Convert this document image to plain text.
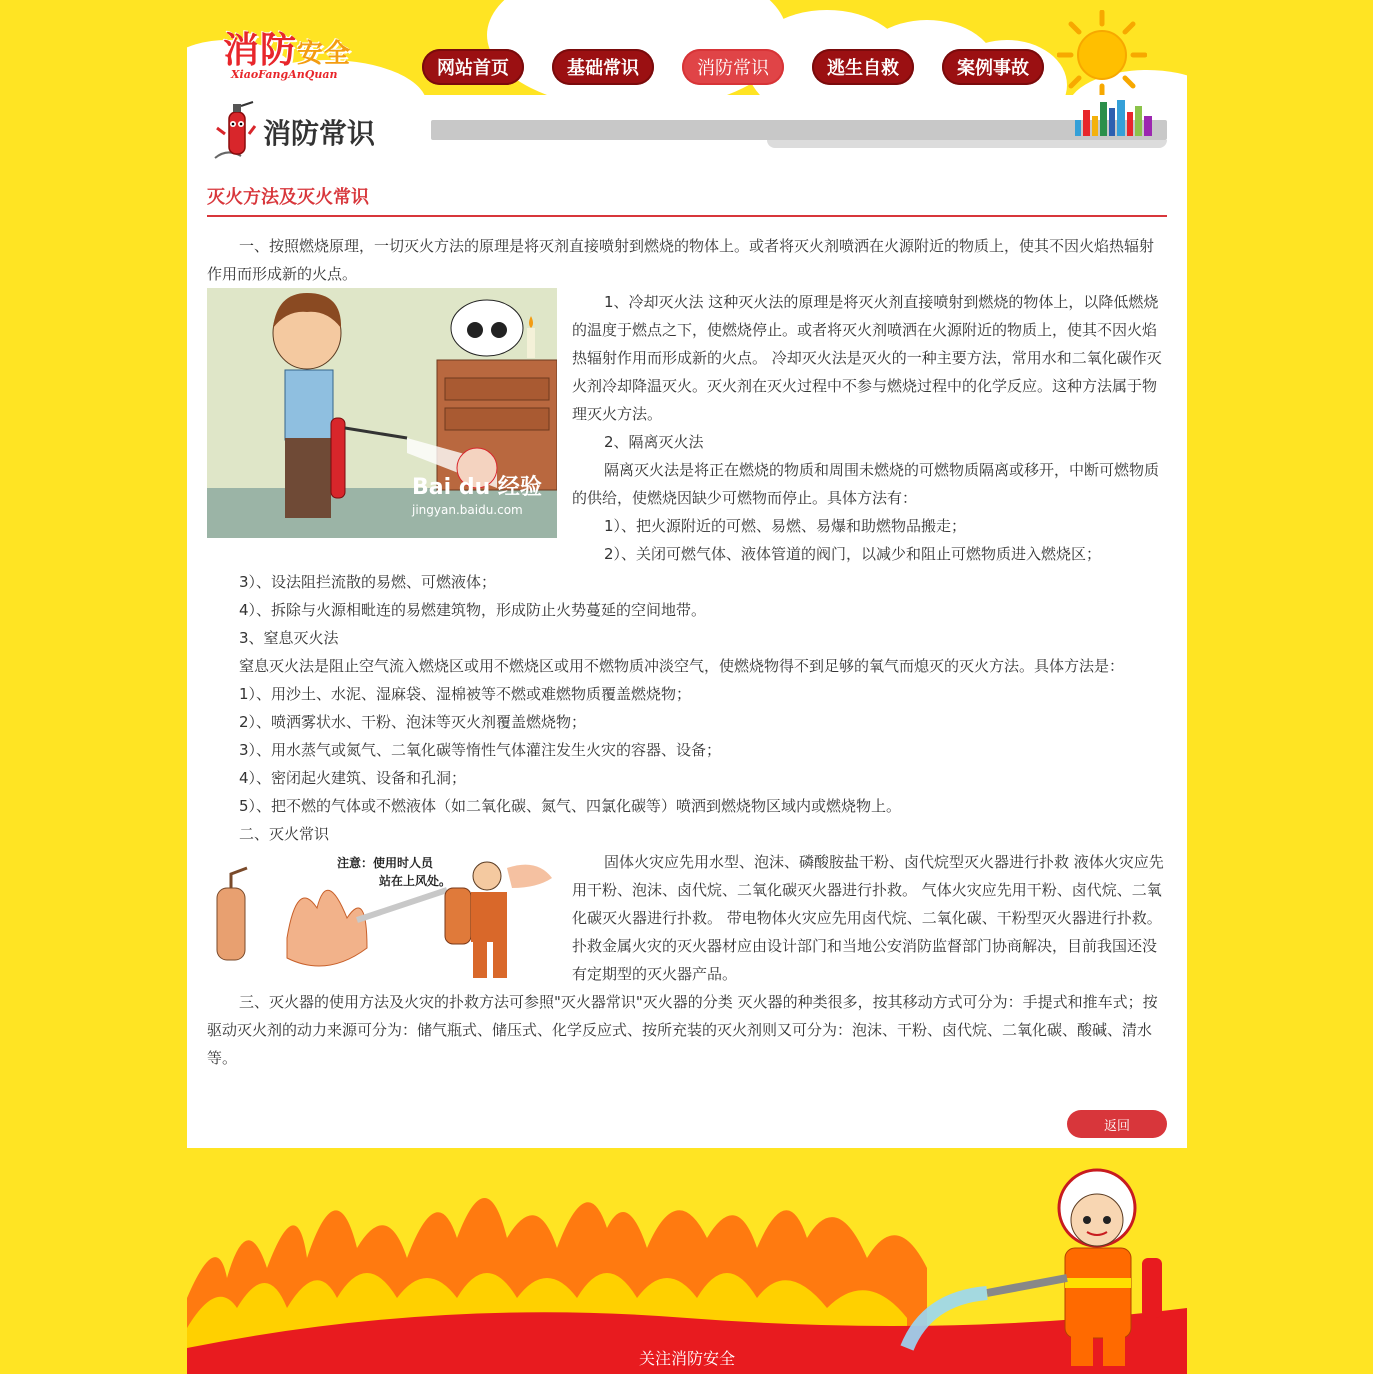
消防安全
XiaoFangAnQuan	网站首页	基础常识	消防常识	逃生自救	案例事故
消防常识
灭火方法及灭火常识

一、按照燃烧原理，一切灭火方法的原理是将灭剂直接喷射到燃烧的物体上。或者将灭火剂喷洒在火源附近的物质上，使其不因火焰热辐射作用而形成新的火点。

Bai du 经验
jingyan.baidu.com

1、冷却灭火法 这种灭火法的原理是将灭火剂直接喷射到燃烧的物体上，以降低燃烧的温度于燃点之下，使燃烧停止。或者将灭火剂喷洒在火源附近的物质上，使其不因火焰热辐射作用而形成新的火点。 冷却灭火法是灭火的一种主要方法，常用水和二氧化碳作灭火剂冷却降温灭火。灭火剂在灭火过程中不参与燃烧过程中的化学反应。这种方法属于物理灭火方法。

2、隔离灭火法

隔离灭火法是将正在燃烧的物质和周围未燃烧的可燃物质隔离或移开，中断可燃物质的供给，使燃烧因缺少可燃物而停止。具体方法有：

1）、把火源附近的可燃、易燃、易爆和助燃物品搬走；

2）、关闭可燃气体、液体管道的阀门，以减少和阻止可燃物质进入燃烧区；

3）、设法阻拦流散的易燃、可燃液体；

4）、拆除与火源相毗连的易燃建筑物，形成防止火势蔓延的空间地带。

3、窒息灭火法

窒息灭火法是阻止空气流入燃烧区或用不燃烧区或用不燃物质冲淡空气，使燃烧物得不到足够的氧气而熄灭的灭火方法。具体方法是：

1）、用沙土、水泥、湿麻袋、湿棉被等不燃或难燃物质覆盖燃烧物；

2）、喷洒雾状水、干粉、泡沫等灭火剂覆盖燃烧物；

3）、用水蒸气或氮气、二氧化碳等惰性气体灌注发生火灾的容器、设备；

4）、密闭起火建筑、设备和孔洞；

5）、把不燃的气体或不燃液体（如二氧化碳、氮气、四氯化碳等）喷洒到燃烧物区域内或燃烧物上。

二、灭火常识

注意：使用时人员
站在上风处。

固体火灾应先用水型、泡沫、磷酸胺盐干粉、卤代烷型灭火器进行扑救 液体火灾应先用干粉、泡沫、卤代烷、二氧化碳灭火器进行扑救。 气体火灾应先用干粉、卤代烷、二氧化碳灭火器进行扑救。 带电物体火灾应先用卤代烷、二氧化碳、干粉型灭火器进行扑救。 扑救金属火灾的灭火器材应由设计部门和当地公安消防监督部门协商解决，目前我国还没有定期型的灭火器产品。

三、灭火器的使用方法及火灾的扑救方法可参照"灭火器常识"灭火器的分类 灭火器的种类很多，按其移动方式可分为：手提式和推车式；按驱动灭火剂的动力来源可分为：储气瓶式、储压式、化学反应式、按所充装的灭火剂则又可分为：泡沫、干粉、卤代烷、二氧化碳、酸碱、清水等。

返回
关注消防安全
